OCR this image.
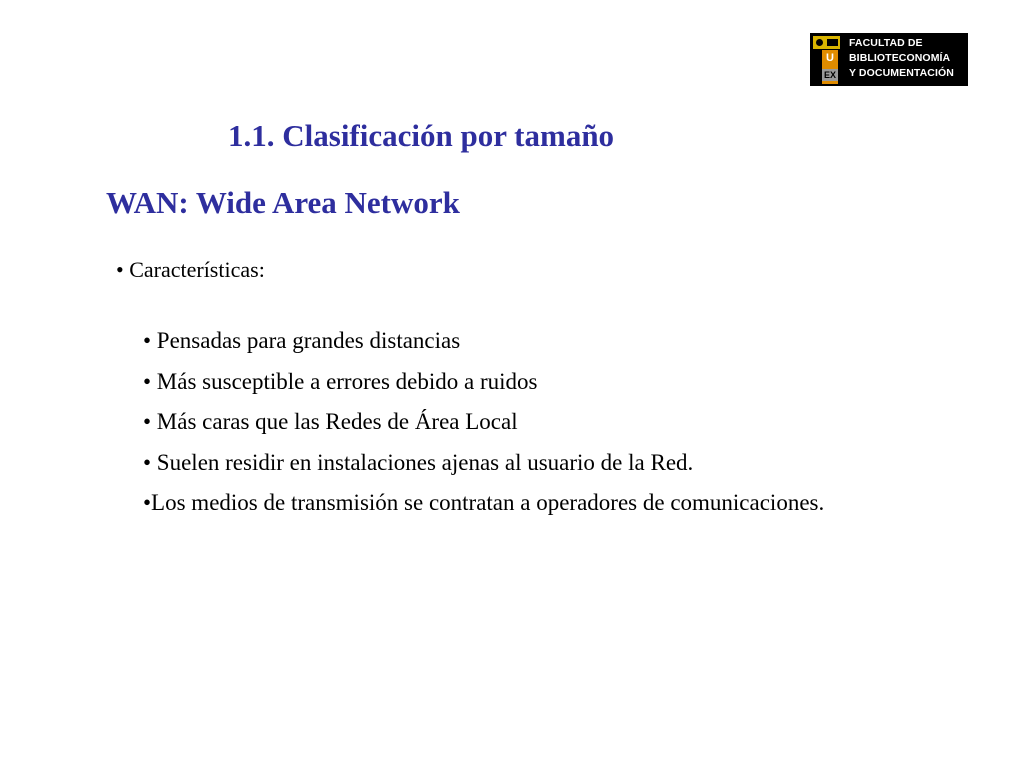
U
EX
FACULTAD DE
BIBLIOTECONOMÍA
Y DOCUMENTACIÓN
1.1. Clasificación por tamaño
WAN: Wide Area Network
• Características:
• Pensadas para grandes distancias
• Más susceptible a errores debido a ruidos
• Más caras que las Redes de Área Local
• Suelen residir en instalaciones ajenas al usuario de la Red.
•Los medios de transmisión se contratan a operadores de comunicaciones.
